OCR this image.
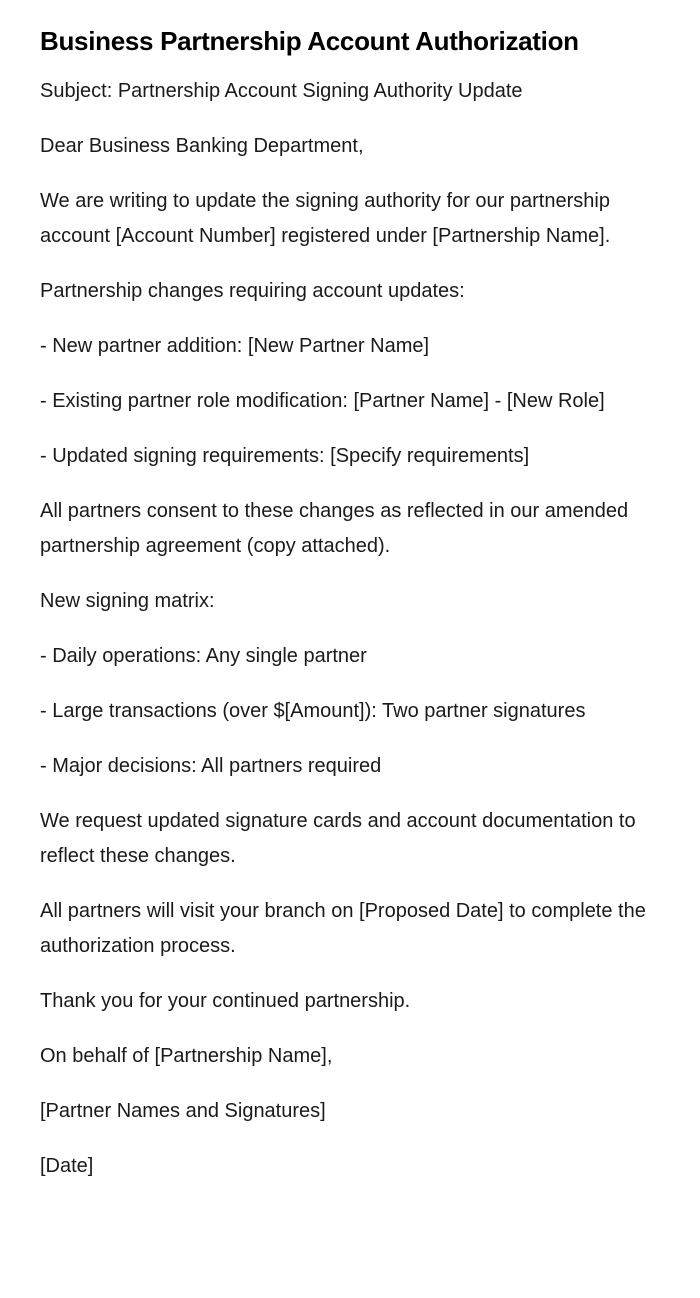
Business Partnership Account Authorization

Subject: Partnership Account Signing Authority Update

Dear Business Banking Department,

We are writing to update the signing authority for our partnership account [Account Number] registered under [Partnership Name].

Partnership changes requiring account updates:

- New partner addition: [New Partner Name]

- Existing partner role modification: [Partner Name] - [New Role]

- Updated signing requirements: [Specify requirements]

All partners consent to these changes as reflected in our amended partnership agreement (copy attached).

New signing matrix:

- Daily operations: Any single partner

- Large transactions (over $[Amount]): Two partner signatures

- Major decisions: All partners required

We request updated signature cards and account documentation to reflect these changes.

All partners will visit your branch on [Proposed Date] to complete the authorization process.

Thank you for your continued partnership.

On behalf of [Partnership Name],

[Partner Names and Signatures]

[Date]
